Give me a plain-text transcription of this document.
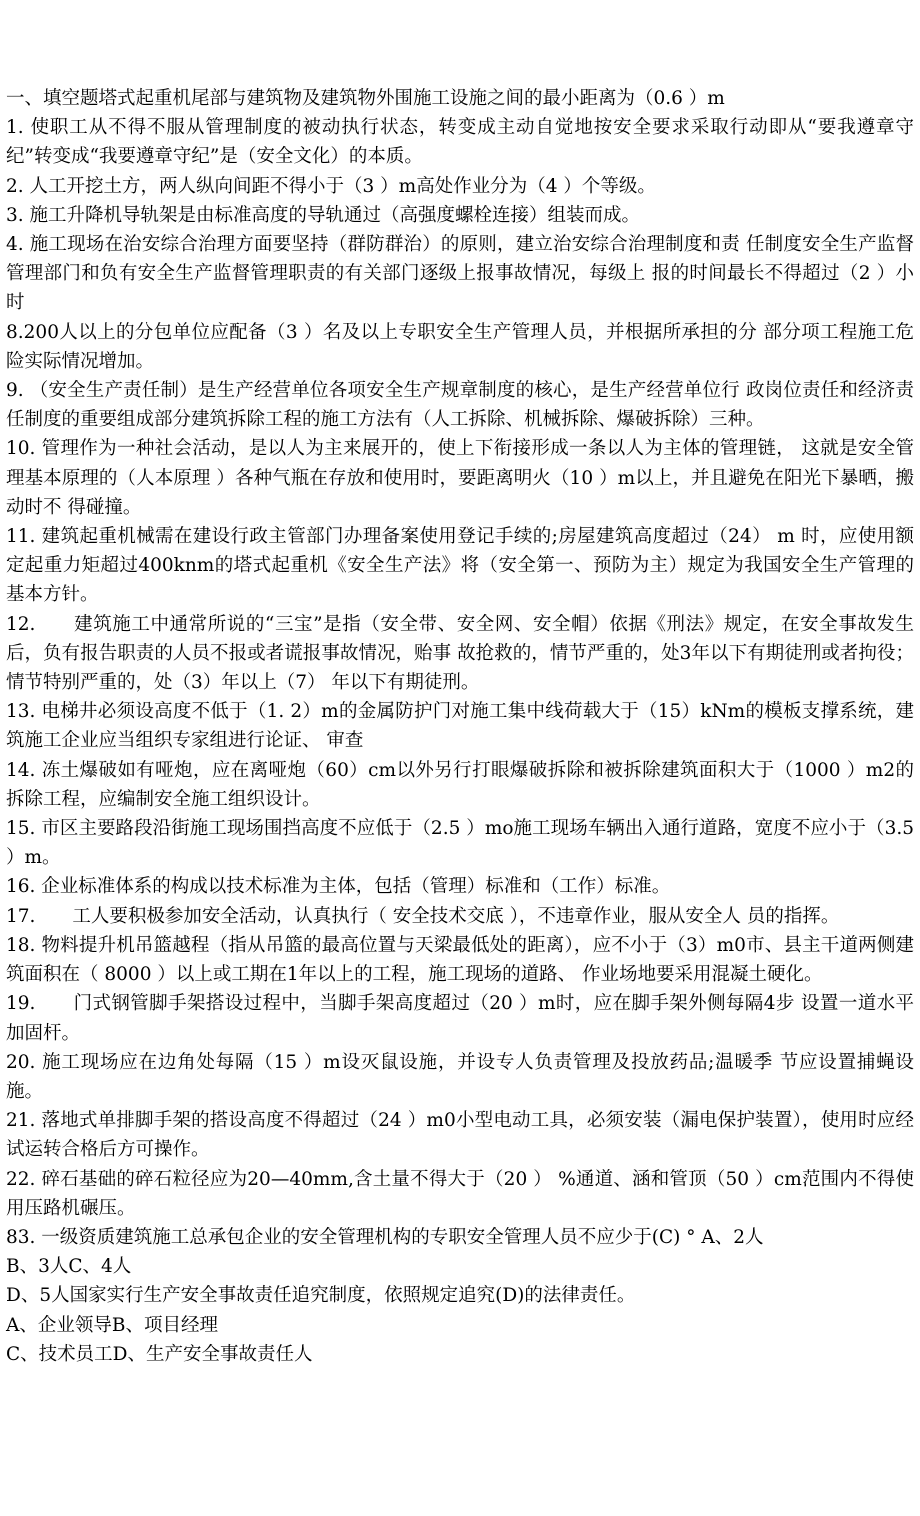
一、填空题塔式起重机尾部与建筑物及建筑物外围施工设施之间的最小距离为（0.6 ）m

1. 使职工从不得不服从管理制度的被动执行状态，转变成主动自觉地按安全要求采取行动即从“要我遵章守纪”转变成“我要遵章守纪”是（安全文化）的本质。

2. 人工开挖土方，两人纵向间距不得小于（3 ）m高处作业分为（4 ）个等级。

3. 施工升降机导轨架是由标准高度的导轨通过（高强度螺栓连接）组装而成。

4. 施工现场在治安综合治理方面要坚持（群防群治）的原则，建立治安综合治理制度和责 任制度安全生产监督管理部门和负有安全生产监督管理职责的有关部门逐级上报事故情况，每级上 报的时间最长不得超过（2 ）小时

8.200人以上的分包单位应配备（3 ）名及以上专职安全生产管理人员，并根据所承担的分 部分项工程施工危险实际情况增加。

9. （安全生产责任制）是生产经营单位各项安全生产规章制度的核心，是生产经营单位行 政岗位责任和经济责任制度的重要组成部分建筑拆除工程的施工方法有（人工拆除、机械拆除、爆破拆除）三种。

10. 管理作为一种社会活动，是以人为主来展开的，使上下衔接形成一条以人为主体的管理链， 这就是安全管理基本原理的（人本原理 ）各种气瓶在存放和使用时，要距离明火（10 ）m以上，并且避免在阳光下暴晒，搬动时不 得碰撞。

11. 建筑起重机械需在建设行政主管部门办理备案使用登记手续的;房屋建筑高度超过（24） m 时，应使用额定起重力矩超过400knm的塔式起重机《安全生产法》将（安全第一、预防为主）规定为我国安全生产管理的基本方针。

12.　　建筑施工中通常所说的“三宝”是指（安全带、安全网、安全帽）依据《刑法》规定，在安全事故发生后，负有报告职责的人员不报或者谎报事故情况，贻事 故抢救的，情节严重的，处3年以下有期徒刑或者拘役；情节特别严重的，处（3）年以上（7） 年以下有期徒刑。

13. 电梯井必须设高度不低于（1. 2）m的金属防护门对施工集中线荷载大于（15）kNm的模板支撑系统，建筑施工企业应当组织专家组进行论证、 审查

14. 冻土爆破如有哑炮，应在离哑炮（60）cm以外另行打眼爆破拆除和被拆除建筑面积大于（1000 ）m2的拆除工程，应编制安全施工组织设计。

15. 市区主要路段沿街施工现场围挡高度不应低于（2.5 ）mo施工现场车辆出入通行道路，宽度不应小于（3.5 ）m。

16. 企业标准体系的构成以技术标准为主体，包括（管理）标准和（工作）标准。

17.　　工人要积极参加安全活动，认真执行（ 安全技术交底 ），不违章作业，服从安全人 员的指挥。

18. 物料提升机吊篮越程（指从吊篮的最高位置与天梁最低处的距离），应不小于（3）m0市、县主干道两侧建筑面积在（ 8000 ）以上或工期在1年以上的工程，施工现场的道路、 作业场地要采用混凝土硬化。

19.　　门式钢管脚手架搭设过程中，当脚手架高度超过（20 ）m时，应在脚手架外侧每隔4步 设置一道水平加固杆。

20. 施工现场应在边角处每隔（15 ）m设灭鼠设施，并设专人负责管理及投放药品;温暖季 节应设置捕蝇设施。

21. 落地式单排脚手架的搭设高度不得超过（24 ）m0小型电动工具，必须安装（漏电保护装置），使用时应经试运转合格后方可操作。

22. 碎石基础的碎石粒径应为20—40mm,含土量不得大于（20 ） %通道、涵和管顶（50 ）cm范围内不得使用压路机碾压。

83. 一级资质建筑施工总承包企业的安全管理机构的专职安全管理人员不应少于(C) ° A、2人

B、3人C、4人

D、5人国家实行生产安全事故责任追究制度，依照规定追究(D)的法律责任。

A、企业领导B、项目经理

C、技术员工D、生产安全事故责任人
